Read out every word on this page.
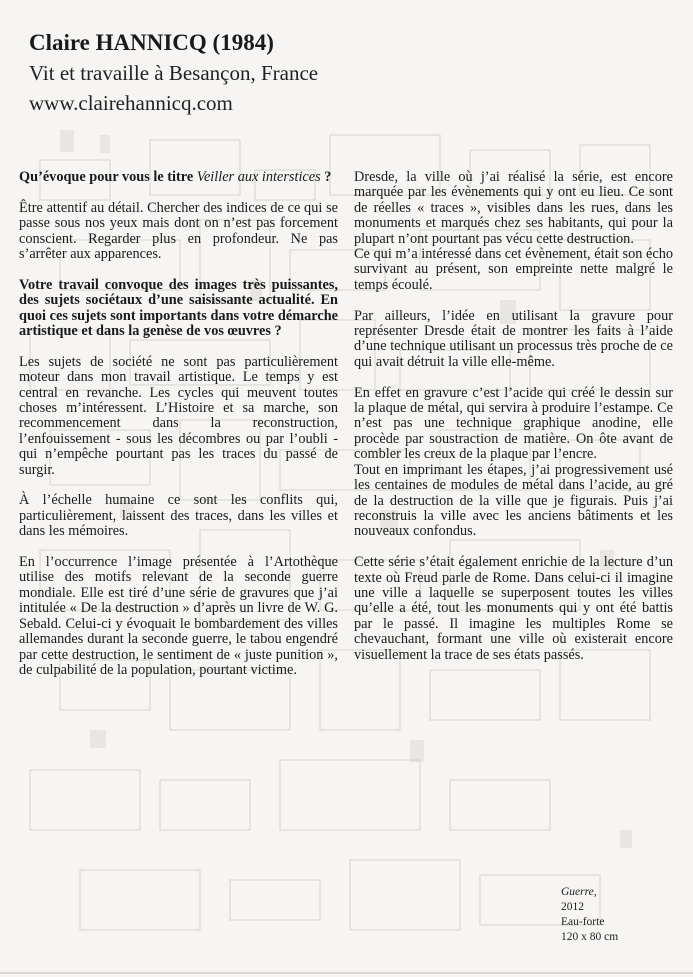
Claire HANNICQ (1984)

Vit et travaille à Besançon, France

www.clairehannicq.com

Qu’évoque pour vous le titre Veiller aux interstices ?

Être attentif au détail. Chercher des indices de ce qui se passe sous nos yeux mais dont on n’est pas forcement conscient. Regarder plus en profondeur. Ne pas s’arrêter aux apparences.

Votre travail convoque des images très puissantes, des sujets sociétaux d’une saisissante actualité. En quoi ces sujets sont importants dans votre démarche artistique et dans la genèse de vos œuvres ?

Les sujets de société ne sont pas particulièrement moteur dans mon travail artistique. Le temps y est central en revanche. Les cycles qui meuvent toutes choses m’intéressent. L’Histoire et sa marche, son recommencement dans la reconstruction, l’enfouissement - sous les décombres ou par l’oubli - qui n’empêche pourtant pas les traces du passé de surgir.

À l’échelle humaine ce sont les conflits qui, particulièrement, laissent des traces, dans les villes et dans les mémoires.

En l’occurrence l’image présentée à l’Artothèque utilise des motifs relevant de la seconde guerre mondiale. Elle est tiré d’une série de gravures que j’ai intitulée « De la destruction » d’après un livre de W. G. Sebald. Celui-ci y évoquait le bombardement des villes allemandes durant la seconde guerre, le tabou engendré par cette destruction, le sentiment de « juste punition », de culpabilité de la population, pourtant victime.

Dresde, la ville où j’ai réalisé la série, est encore marquée par les évènements qui y ont eu lieu. Ce sont de réelles « traces », visibles dans les rues, dans les monuments et marqués chez ses habitants, qui pour la plupart n’ont pourtant pas vécu cette destruction.

Ce qui m’a intéressé dans cet évènement, était son écho survivant au présent, son empreinte nette malgré le temps écoulé.

Par ailleurs, l’idée en utilisant la gravure pour représenter Dresde était de montrer les faits à l’aide d’une technique utilisant un processus très proche de ce qui avait détruit la ville elle-même.

En effet en gravure c’est l’acide qui créé le dessin sur la plaque de métal, qui servira à produire l’estampe. Ce n’est pas une technique graphique anodine, elle procède par soustraction de matière. On ôte avant de combler les creux de la plaque par l’encre.

Tout en imprimant les étapes, j’ai progressivement usé les centaines de modules de métal dans l’acide, au gré de la destruction de la ville que je figurais. Puis j’ai reconstruis la ville avec les anciens bâtiments et les nouveaux confondus.

Cette série s’était également enrichie de la lecture d’un texte où Freud parle de Rome. Dans celui-ci il imagine une ville a laquelle se superposent toutes les villes qu’elle a été, tout les monuments qui y ont été battis par le passé. Il imagine les multiples Rome se chevauchant, formant une ville où existerait encore visuellement la trace de ses états passés.

Guerre,
2012
Eau-forte
120 x 80 cm
